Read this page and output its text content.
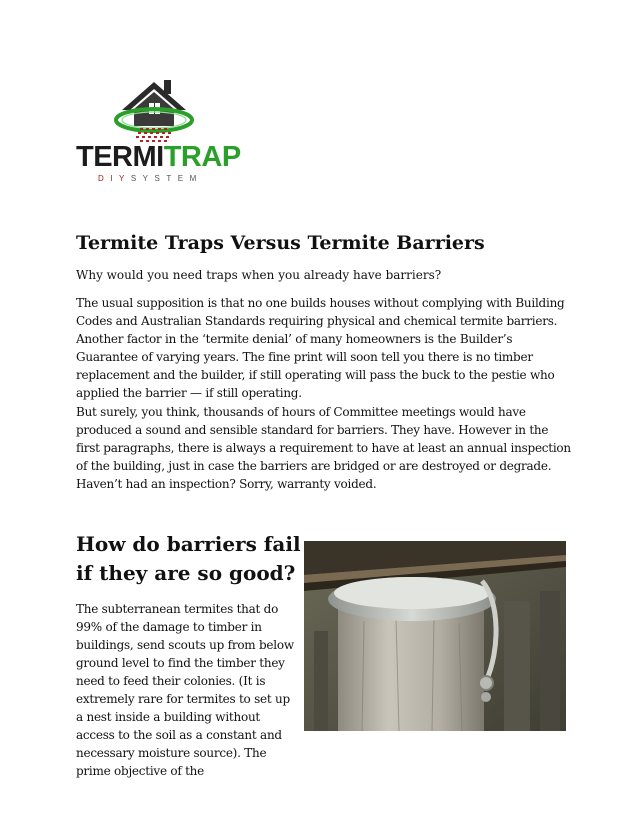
TERMITRAP
DIYSYSTEM
Termite Traps Versus Termite Barriers

Why would you need traps when you already have barriers?

The usual supposition is that no one builds houses without complying with Building Codes and Australian Standards requiring physical and chemical termite barriers. Another factor in the ‘termite denial’ of many homeowners is the Builder’s Guarantee of varying years. The fine print will soon tell you there is no timber replacement and the builder, if still operating will pass the buck to the pestie who applied the barrier — if still operating.

But surely, you think, thousands of hours of Committee meetings would have produced a sound and sensible standard for barriers. They have. However in the first paragraphs, there is always a requirement to have at least an annual inspection of the building, just in case the barriers are bridged or are destroyed or degrade. Haven’t had an inspection? Sorry, warranty voided.

How do barriers fail if they are so good?

The subterranean termites that do 99% of the damage to timber in buildings, send scouts up from below ground level to find the timber they need to feed their colonies. (It is extremely rare for termites to set up a nest inside a building without access to the soil as a constant and necessary moisture source). The prime objective of the
